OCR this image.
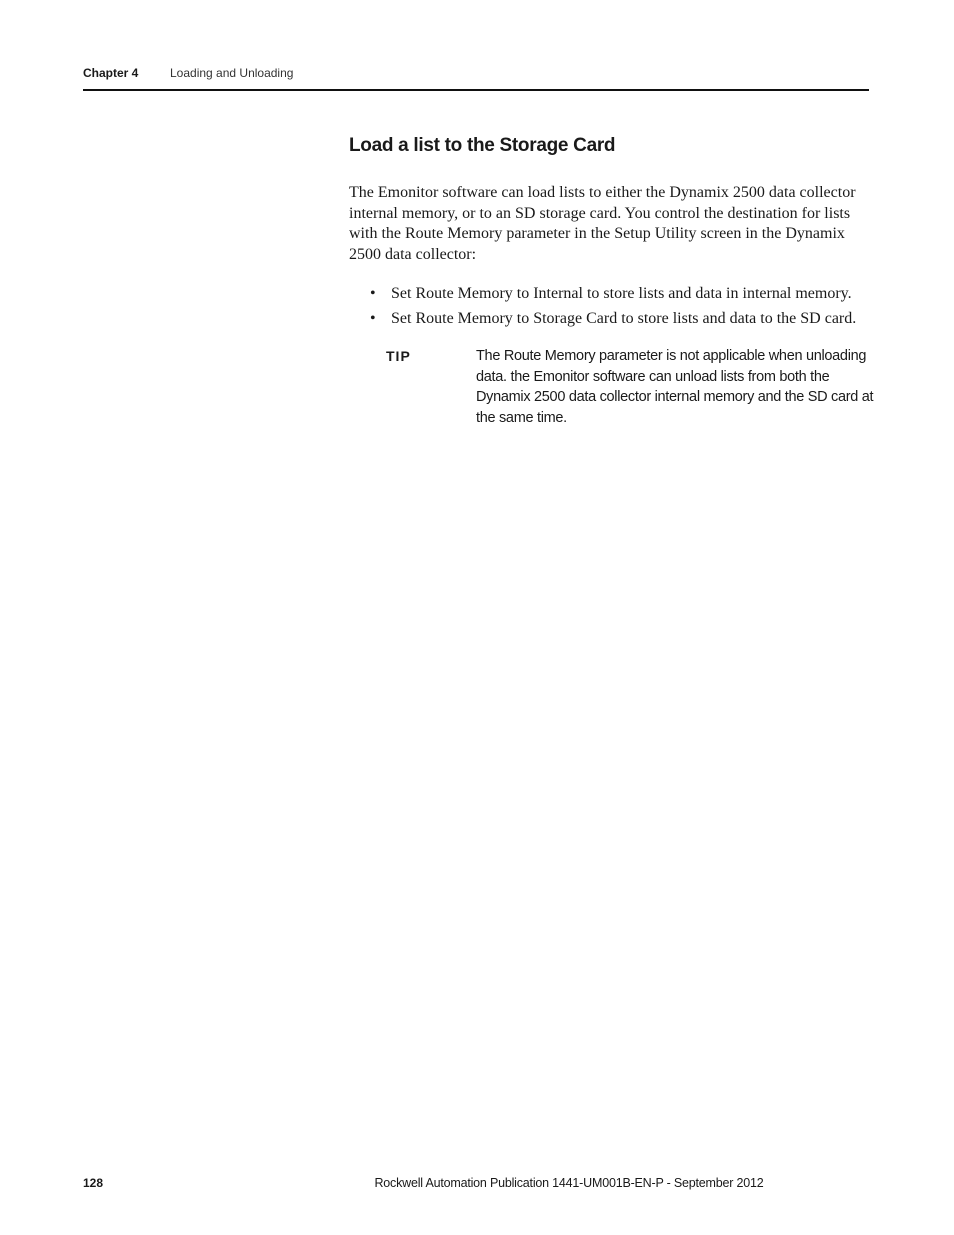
Chapter 4	Loading and Unloading
Load a list to the Storage Card
The Emonitor software can load lists to either the Dynamix 2500 data collector internal memory, or to an SD storage card. You control the destination for lists with the Route Memory parameter in the Setup Utility screen in the Dynamix 2500 data collector:
• Set Route Memory to Internal to store lists and data in internal memory.
• Set Route Memory to Storage Card to store lists and data to the SD card.
TIP	The Route Memory parameter is not applicable when unloading data. the Emonitor software can unload lists from both the Dynamix 2500 data collector internal memory and the SD card at the same time.
128	Rockwell Automation Publication 1441-UM001B-EN-P - September 2012
